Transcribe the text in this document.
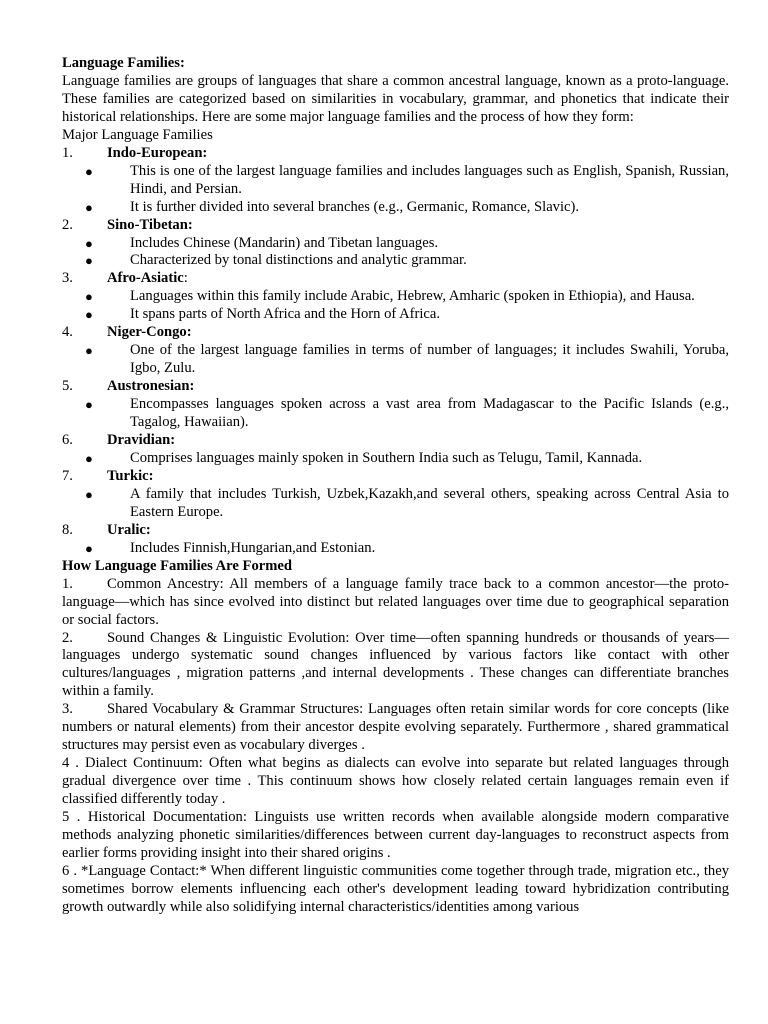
Language Families:
Language families are groups of languages that share a common ancestral language, known as a proto-language. These families are categorized based on similarities in vocabulary, grammar, and phonetics that indicate their historical relationships. Here are some major language families and the process of how they form:
Major Language Families
1. Indo-European:
●	This is one of the largest language families and includes languages such as English, Spanish, Russian, Hindi, and Persian.
●	It is further divided into several branches (e.g., Germanic, Romance, Slavic).
2. Sino-Tibetan:
●	Includes Chinese (Mandarin) and Tibetan languages.
●	Characterized by tonal distinctions and analytic grammar.
3. Afro-Asiatic:
●	Languages within this family include Arabic, Hebrew, Amharic (spoken in Ethiopia), and Hausa.
●	It spans parts of North Africa and the Horn of Africa.
4. Niger-Congo:
●	One of the largest language families in terms of number of languages; it includes Swahili, Yoruba, Igbo, Zulu.
5. Austronesian:
●	Encompasses languages spoken across a vast area from Madagascar to the Pacific Islands (e.g., Tagalog, Hawaiian).
6. Dravidian:
●	Comprises languages mainly spoken in Southern India such as Telugu, Tamil, Kannada.
7. Turkic:
●	A family that includes Turkish, Uzbek,Kazakh,and several others, speaking across Central Asia to Eastern Europe.
8. Uralic:
●	Includes Finnish,Hungarian,and Estonian.
How Language Families Are Formed
1. Common Ancestry: All members of a language family trace back to a common ancestor—the proto-language—which has since evolved into distinct but related languages over time due to geographical separation or social factors.
2. Sound Changes & Linguistic Evolution: Over time—often spanning hundreds or thousands of years—languages undergo systematic sound changes influenced by various factors like contact with other cultures/languages , migration patterns ,and internal developments . These changes can differentiate branches within a family.
3. Shared Vocabulary & Grammar Structures: Languages often retain similar words for core concepts (like numbers or natural elements) from their ancestor despite evolving separately. Furthermore , shared grammatical structures may persist even as vocabulary diverges .
4 . Dialect Continuum: Often what begins as dialects can evolve into separate but related languages through gradual divergence over time . This continuum shows how closely related certain languages remain even if classified differently today .
5 . Historical Documentation: Linguists use written records when available alongside modern comparative methods analyzing phonetic similarities/differences between current day-languages to reconstruct aspects from earlier forms providing insight into their shared origins .
6 . *Language Contact:* When different linguistic communities come together through trade, migration etc., they sometimes borrow elements influencing each other's development leading toward hybridization contributing growth outwardly while also solidifying internal characteristics/identities among various
